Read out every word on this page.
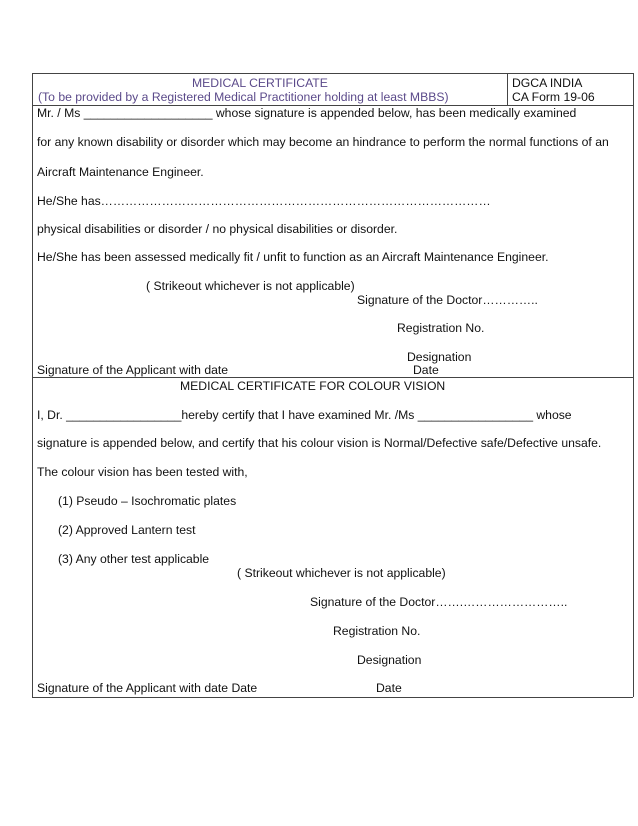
MEDICAL CERTIFICATE
(To be provided by a Registered Medical Practitioner holding at least MBBS)
DGCA INDIA
CA Form 19-06
Mr. / Ms ___________________ whose signature is appended below, has been medically examined
for any known disability or disorder which may become an hindrance to perform the normal functions of an
Aircraft Maintenance Engineer.
He/She has……………………………………………………………………………………
physical disabilities or disorder / no physical disabilities or disorder.
He/She has been assessed medically fit / unfit to function as an Aircraft Maintenance Engineer.
( Strikeout whichever is not applicable)
Signature of the Doctor…………..
Registration No.
Designation
Signature of the Applicant with date	Date
MEDICAL CERTIFICATE FOR COLOUR VISION
I, Dr. _________________hereby certify that I have examined Mr. /Ms _________________ whose
signature is appended below, and certify that his colour vision is Normal/Defective safe/Defective unsafe.
The colour vision has been tested with,
(1) Pseudo – Isochromatic plates
(2) Approved Lantern test
(3) Any other test applicable
( Strikeout whichever is not applicable)
Signature of the Doctor…….……………………..
Registration No.
Designation
Signature of the Applicant with date Date	Date
